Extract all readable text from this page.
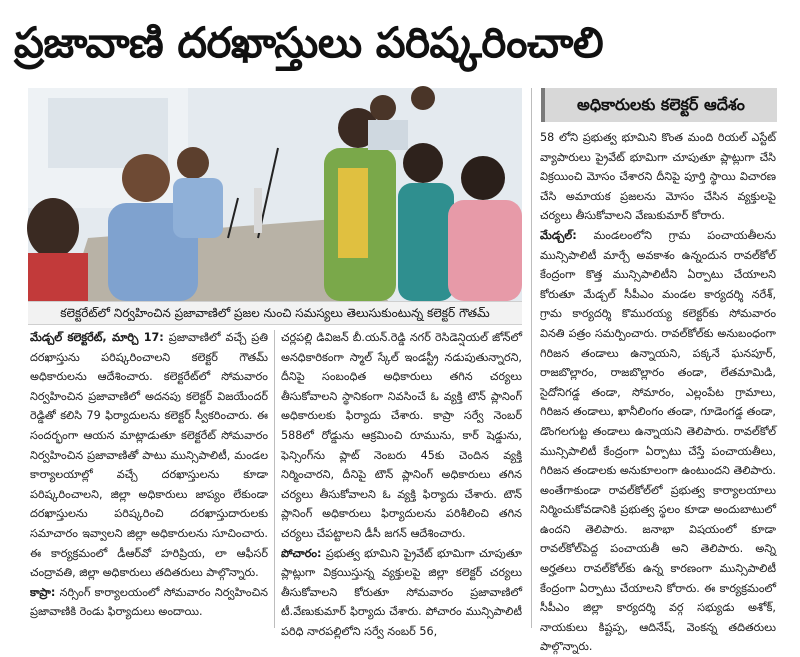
ప్రజావాణి దరఖాస్తులు పరిష్కరించాలి
కలెక్టరేట్‌లో నిర్వహించిన ప్రజావాణిలో ప్రజల నుంచి సమస్యలు తెలుసుకుంటున్న కలెక్టర్‌ గౌతమ్‌
అధికారులకు కలెక్టర్‌ ఆదేశం

మేడ్చల్‌ కలెక్టరేట్‌, మార్చి 17: ప్రజావాణిలో వచ్చే ప్రతి దరఖాస్తును పరిష్కరించాలని కలెక్టర్‌ గౌతమ్‌ అధికారులను ఆదేశించారు. కలెక్టరేట్‌లో సోమవారం నిర్వహించిన ప్రజావాణిలో అదనపు కలెక్టర్‌ విజయేందర్‌ రెడ్డితో కలిసి 79 ఫిర్యాదులను కలెక్టర్‌ స్వీకరించారు. ఈ సందర్భంగా ఆయన మాట్లాడుతూ కలెక్టరేట్‌ సోమవారం నిర్వహించిన ప్రజావాణితో పాటు మున్సిపాలిటీ, మండల కార్యాలయాల్లో వచ్చే దరఖాస్తులను కూడా పరిష్కరించాలని, జిల్లా అధికారులు జాప్యం లేకుండా దరఖాస్తులను పరిష్కరించి దరఖాస్తుదారులకు సమాచారం ఇవ్వాలని జిల్లా అధికారులను సూచించారు. ఈ కార్యక్రమంలో డీఆర్‌వో హరిప్రియ, లా ఆఫీసర్‌ చంద్రావతి, జిల్లా అధికారులు తదితరులు పాల్గొన్నారు.

కాప్రా: నర్సింగ్‌ కార్యాలయంలో సోమవారం నిర్వహించిన ప్రజావాణికి రెండు ఫిర్యాదులు అందాయి.

చర్లపల్లి డివిజన్‌ బీ.యన్‌.రెడ్డి నగర్‌ రెసిడెన్షియల్‌ జోన్‌లో అనధికారికంగా స్మాల్‌ స్కేల్‌ ఇండస్ట్రీ నడుపుతున్నారని, దీనిపై సంబంధిత అధికారులు తగిన చర్యలు తీసుకోవాలని స్థానికంగా నివసించే ఓ వ్యక్తి టౌన్‌ ప్లానింగ్‌ అధికారులకు ఫిర్యాదు చేశారు. కాప్రా సర్వే నెంబర్‌ 588లో రోడ్డును ఆక్రమించి రూమును, కార్‌ షెడ్డును, ఫెన్సింగ్‌ను ప్లాట్‌ నెంబరు 45కు చెందిన వ్యక్తి నిర్మించారని, దీనిపై టౌన్‌ ప్లానింగ్‌ అధికారులు తగిన చర్యలు తీసుకోవాలని ఓ వ్యక్తి ఫిర్యాదు చేశారు. టౌన్‌ ప్లానింగ్‌ అధికారులు ఫిర్యాదులను పరిశీలించి తగిన చర్యలు చేపట్టాలని డీసీ జగన్‌ ఆదేశించారు.

పోచారం: ప్రభుత్వ భూమిని ప్రైవేట్‌ భూమిగా చూపుతూ ప్లాట్లుగా విక్రయిస్తున్న వ్యక్తులపై జిల్లా కలెక్టర్‌ చర్యలు తీసుకోవాలని కోరుతూ సోమవారం ప్రజావాణిలో టీ.వేణుకుమార్‌ ఫిర్యాదు చేశారు. పోచారం మున్సిపాలిటీ పరిధి నారపల్లిలోని సర్వే నంబర్‌ 56,

58 లోని ప్రభుత్వ భూమిని కొంత మంది రియల్‌ ఎస్టేట్‌ వ్యాపారులు ప్రైవేట్‌ భూమిగా చూపుతూ ప్లాట్లుగా చేసి విక్రయించి మోసం చేశారని దీనిపై పూర్తి స్థాయి విచారణ చేసి అమాయక ప్రజలను మోసం చేసిన వ్యక్తులపై చర్యలు తీసుకోవాలని వేణుకుమార్‌ కోరారు.

మేడ్చల్‌: మండలంలోని గ్రామ పంచాయతీలను మున్సిపాలిటీ మార్చే అవకాశం ఉన్నందున రావల్‌కోల్‌ కేంద్రంగా కొత్త మున్సిపాలిటీని ఏర్పాటు చేయాలని కోరుతూ మేడ్చల్‌ సీపీఎం మండల కార్యదర్శి నరేశ్‌, గ్రామ కార్యదర్శి కొమురయ్య కలెక్టర్‌కు సోమవారం వినతి పత్రం సమర్పించారు. రావల్‌కోల్‌కు అనుబంధంగా గిరిజన తండాలు ఉన్నాయని, పక్కనే ఘనపూర్‌, రాజబొల్లారం, రాజబొల్లారం తండా, లేతమామిడి, సైదోనిగడ్డ తండా, సోమారం, ఎల్లంపేట గ్రామాలు, గిరిజన తండాలు, ఖానీలింగం తండా, గూడెంగడ్డ తండా, డొంగలగుట్ట తండాలు ఉన్నాయని తెలిపారు. రావల్‌కోల్‌ మున్సిపాలిటీ కేంద్రంగా ఏర్పాటు చేస్తే పంచాయతీలు, గిరిజన తండాలకు అనుకూలంగా ఉంటుందని తెలిపారు. అంతేగాకుండా రావల్‌కోల్‌లో ప్రభుత్వ కార్యాలయాలు నిర్మించుకోవడానికి ప్రభుత్వ స్థలం కూడా అందుబాటులో ఉందని తెలిపారు. జనాభా విషయంలో కూడా రావల్‌కోల్‌పెద్ద పంచాయతీ అని తెలిపారు. అన్ని అర్హతలు రావల్‌కోల్‌కు ఉన్న కారణంగా మున్సిపాలిటీ కేంద్రంగా ఏర్పాటు చేయాలని కోరారు. ఈ కార్యక్రమంలో సీపీఎం జిల్లా కార్యదర్శి వర్గ సభ్యుడు అశోక్‌, నాయకులు కిష్టప్ప, ఆదినేష్‌, వెంకన్న తదితరులు పాల్గొన్నారు.
